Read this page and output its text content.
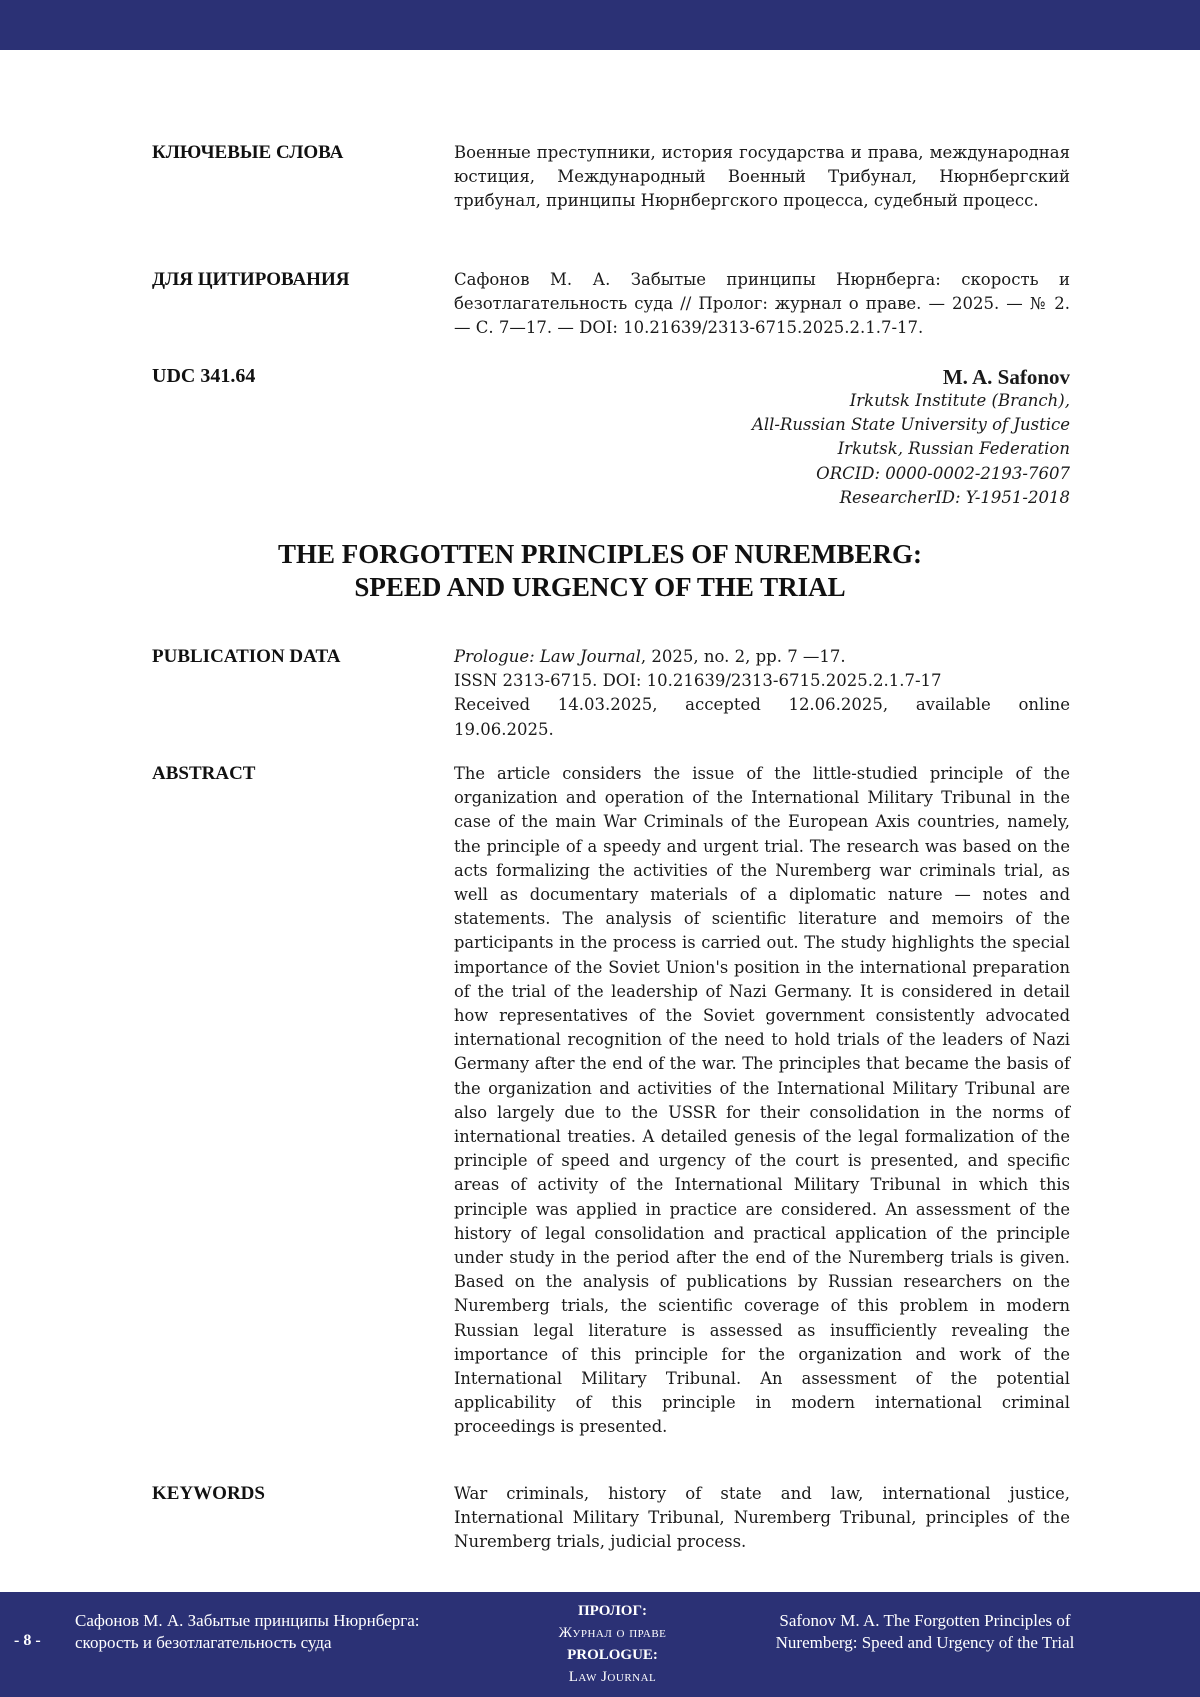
КЛЮЧЕВЫЕ СЛОВА	Военные преступники, история государства и права, международная юстиция, Международный Военный Трибунал, Нюрнбергский трибунал, принципы Нюрнбергского процесса, судебный процесс.
ДЛЯ ЦИТИРОВАНИЯ	Сафонов М. А. Забытые принципы Нюрнберга: скорость и безотлагательность суда // Пролог: журнал о праве. — 2025. — № 2. — С. 7—17. — DOI: 10.21639/2313-6715.2025.2.1.7-17.
UDC 341.64	M. A. Safonov
Irkutsk Institute (Branch),
All-Russian State University of Justice
Irkutsk, Russian Federation
ORCID: 0000-0002-2193-7607
ResearcherID: Y-1951-2018
THE FORGOTTEN PRINCIPLES OF NUREMBERG:
SPEED AND URGENCY OF THE TRIAL
PUBLICATION DATA	Prologue: Law Journal, 2025, no. 2, pp. 7 —17.
ISSN 2313-6715. DOI: 10.21639/2313-6715.2025.2.1.7-17
Received 14.03.2025, accepted 12.06.2025, available online
19.06.2025.
ABSTRACT	The article considers the issue of the little-studied principle of the organization and operation of the International Military Tribunal in the case of the main War Criminals of the European Axis countries, namely, the principle of a speedy and urgent trial. The research was based on the acts formalizing the activities of the Nuremberg war criminals trial, as well as documentary materials of a diplomatic nature — notes and statements. The analysis of scientific literature and memoirs of the participants in the process is carried out. The study highlights the special importance of the Soviet Union's position in the international preparation of the trial of the leadership of Nazi Germany. It is considered in detail how representatives of the Soviet government consistently advocated international recognition of the need to hold trials of the leaders of Nazi Germany after the end of the war. The principles that became the basis of the organization and activities of the International Military Tribunal are also largely due to the USSR for their consolidation in the norms of international treaties. A detailed genesis of the legal formalization of the principle of speed and urgency of the court is presented, and specific areas of activity of the International Military Tribunal in which this principle was applied in practice are considered. An assessment of the history of legal consolidation and practical application of the principle under study in the period after the end of the Nuremberg trials is given. Based on the analysis of publications by Russian researchers on the Nuremberg trials, the scientific coverage of this problem in modern Russian legal literature is assessed as insufficiently revealing the importance of this principle for the organization and work of the International Military Tribunal. An assessment of the potential applicability of this principle in modern international criminal proceedings is presented.
KEYWORDS	War criminals, history of state and law, international justice, International Military Tribunal, Nuremberg Tribunal, principles of the Nuremberg trials, judicial process.
- 8 -
Сафонов М. А. Забытые принципы Нюрнберга:
скорость и безотлагательность суда
ПРОЛОГ:
Журнал о праве
PROLOGUE:
Law Journal
Safonov M. A. The Forgotten Principles of
Nuremberg: Speed and Urgency of the Trial
